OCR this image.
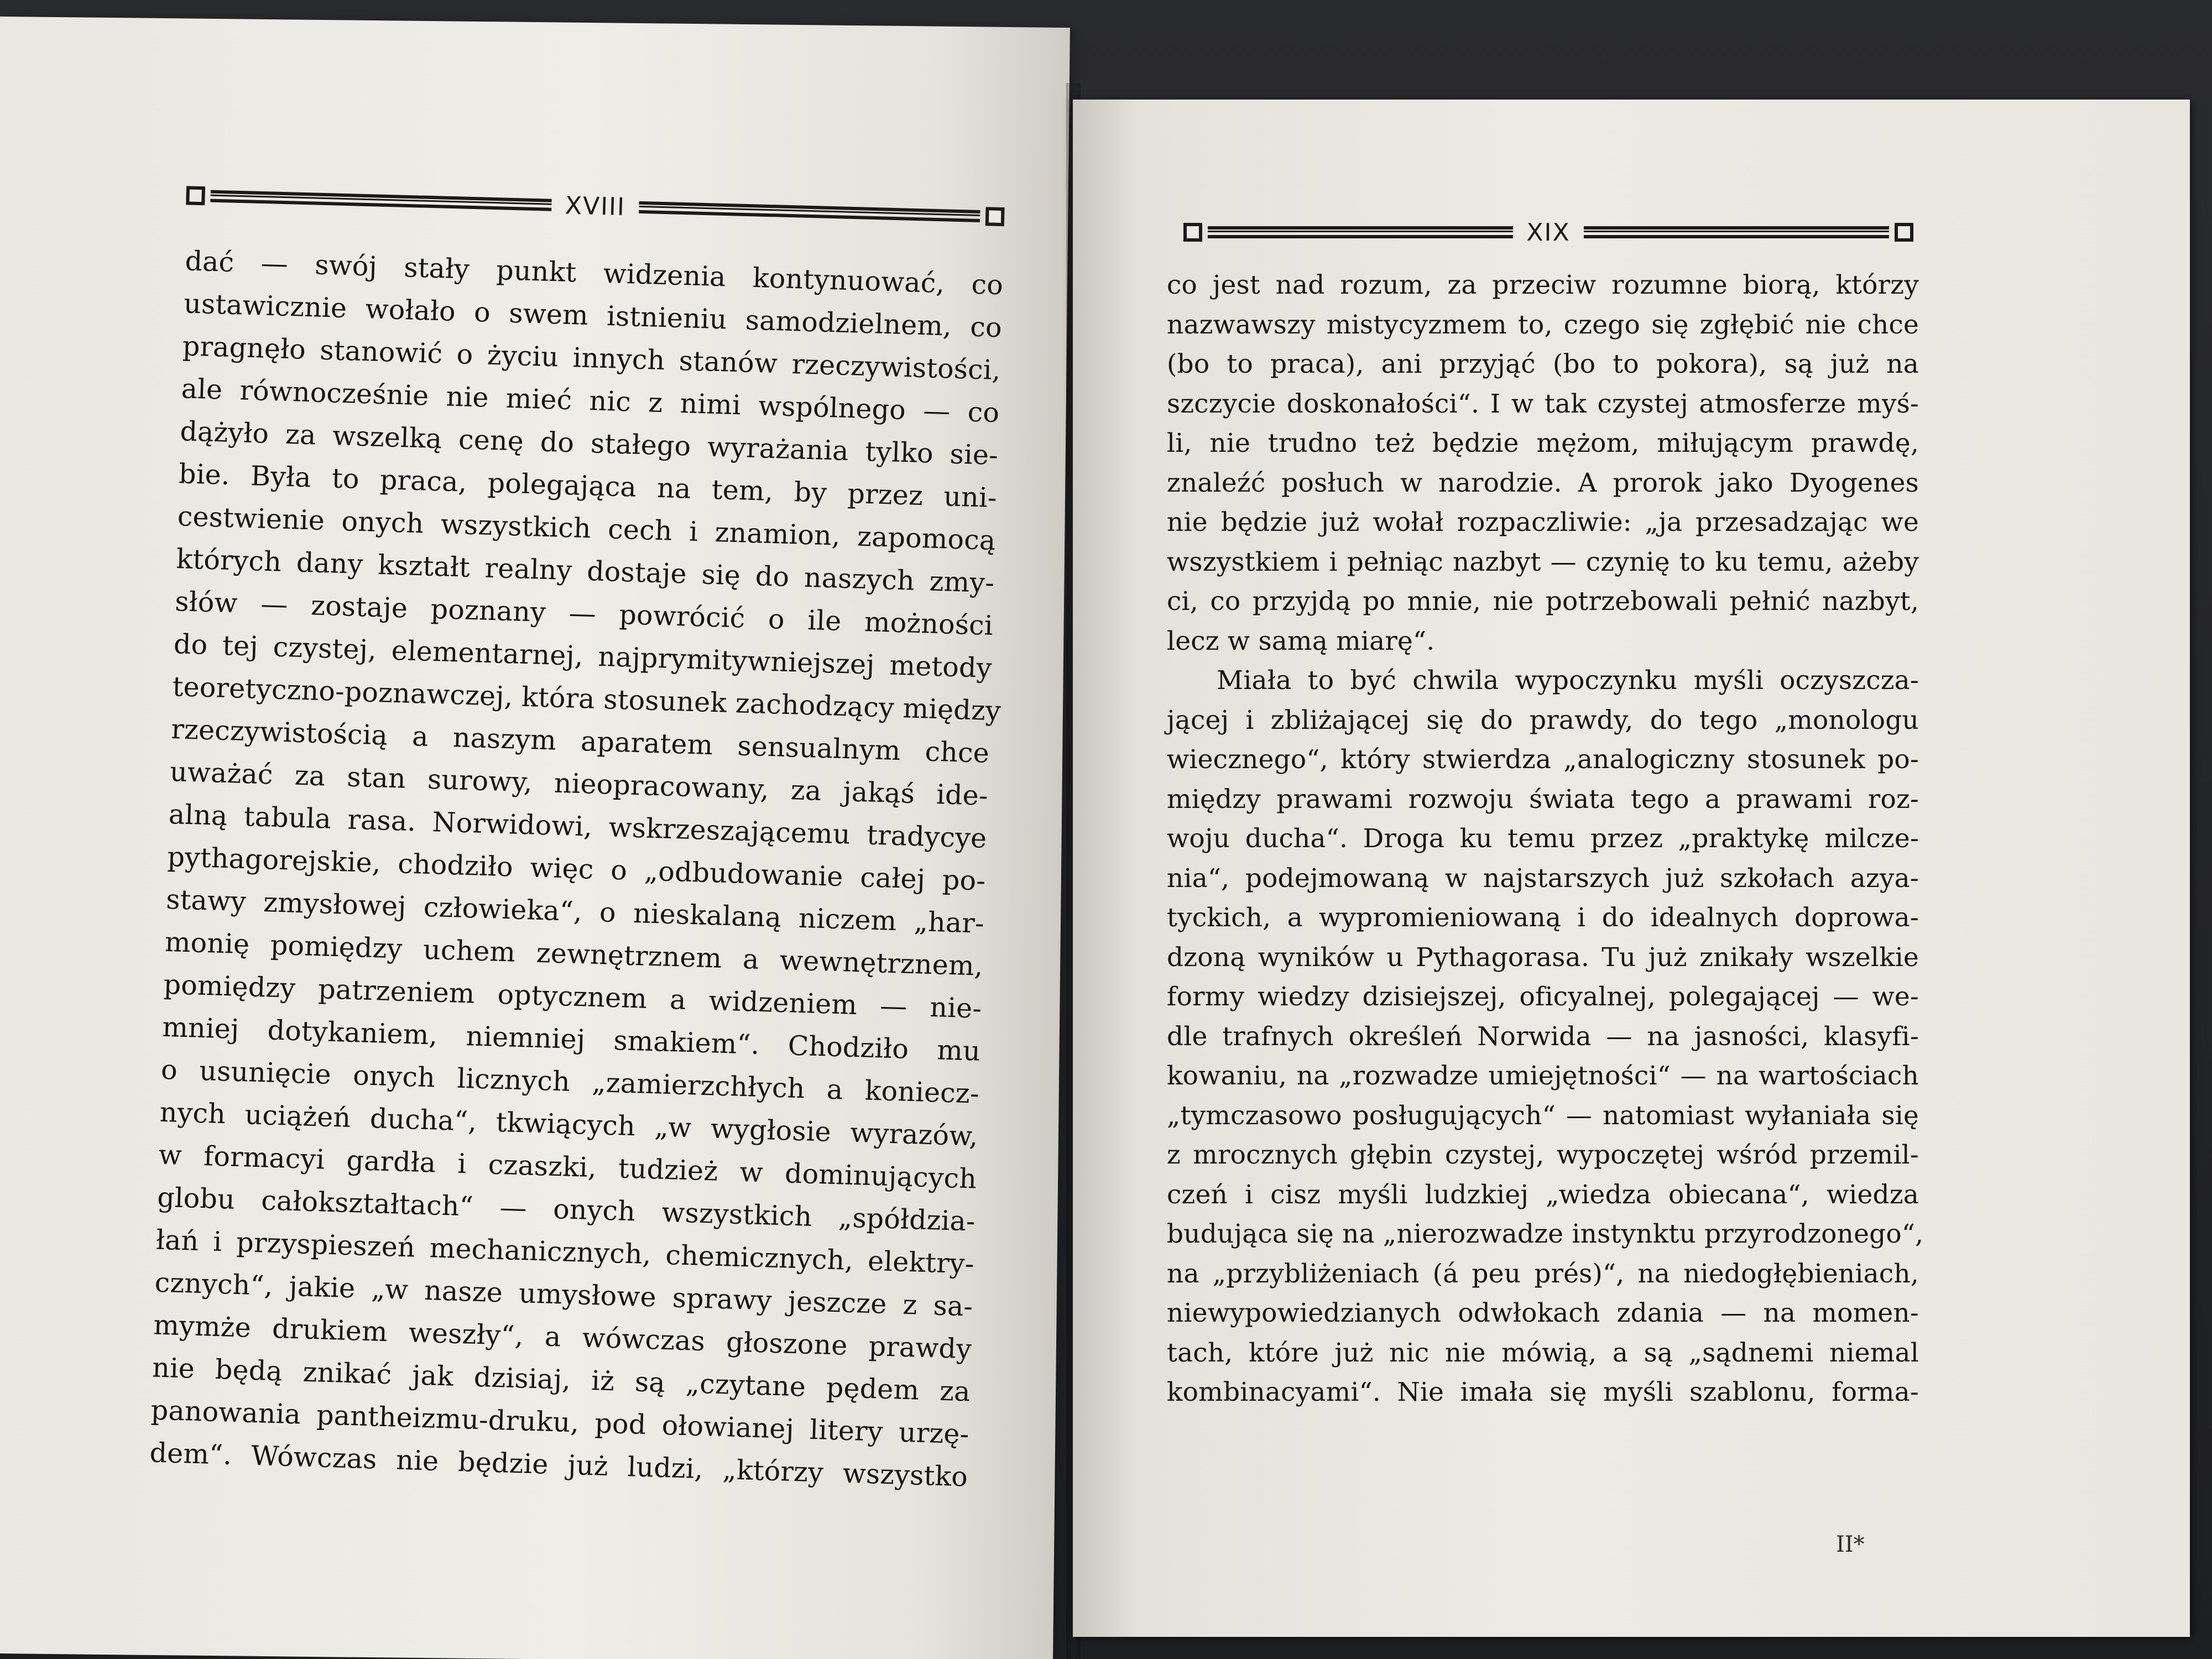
XVIII
dać — swój stały punkt widzenia kontynuować, co
ustawicznie wołało o swem istnieniu samodzielnem, co
pragnęło stanowić o życiu innych stanów rzeczywistości,
ale równocześnie nie mieć nic z nimi wspólnego — co
dążyło za wszelką cenę do stałego wyrażania tylko sie-
bie. Była to praca, polegająca na tem, by przez uni-
cestwienie onych wszystkich cech i znamion, zapomocą
których dany kształt realny dostaje się do naszych zmy-
słów — zostaje poznany — powrócić o ile możności
do tej czystej, elementarnej, najprymitywniejszej metody
teoretyczno-poznawczej, która stosunek zachodzący między
rzeczywistością a naszym aparatem sensualnym chce
uważać za stan surowy, nieopracowany, za jakąś ide-
alną tabula rasa. Norwidowi, wskrzeszającemu tradycye
pythagorejskie, chodziło więc o „odbudowanie całej po-
stawy zmysłowej człowieka“, o nieskalaną niczem „har-
monię pomiędzy uchem zewnętrznem a wewnętrznem,
pomiędzy patrzeniem optycznem a widzeniem — nie-
mniej dotykaniem, niemniej smakiem“. Chodziło mu
o usunięcie onych licznych „zamierzchłych a koniecz-
nych uciążeń ducha“, tkwiących „w wygłosie wyrazów,
w formacyi gardła i czaszki, tudzież w dominujących
globu całokształtach“ — onych wszystkich „spółdzia-
łań i przyspieszeń mechanicznych, chemicznych, elektry-
cznych“, jakie „w nasze umysłowe sprawy jeszcze z sa-
mymże drukiem weszły“, a wówczas głoszone prawdy
nie będą znikać jak dzisiaj, iż są „czytane pędem za
panowania pantheizmu-druku, pod ołowianej litery urzę-
dem“. Wówczas nie będzie już ludzi, „którzy wszystko
XIX
co jest nad rozum, za przeciw rozumne biorą, którzy
nazwawszy mistycyzmem to, czego się zgłębić nie chce
(bo to praca), ani przyjąć (bo to pokora), są już na
szczycie doskonałości“. I w tak czystej atmosferze myś-
li, nie trudno też będzie mężom, miłującym prawdę,
znaleźć posłuch w narodzie. A prorok jako Dyogenes
nie będzie już wołał rozpaczliwie: „ja przesadzając we
wszystkiem i pełniąc nazbyt — czynię to ku temu, ażeby
ci, co przyjdą po mnie, nie potrzebowali pełnić nazbyt,
lecz w samą miarę“.
Miała to być chwila wypoczynku myśli oczyszcza-
jącej i zbliżającej się do prawdy, do tego „monologu
wiecznego“, który stwierdza „analogiczny stosunek po-
między prawami rozwoju świata tego a prawami roz-
woju ducha“. Droga ku temu przez „praktykę milcze-
nia“, podejmowaną w najstarszych już szkołach azya-
tyckich, a wypromieniowaną i do idealnych doprowa-
dzoną wyników u Pythagorasa. Tu już znikały wszelkie
formy wiedzy dzisiejszej, oficyalnej, polegającej — we-
dle trafnych określeń Norwida — na jasności, klasyfi-
kowaniu, na „rozwadze umiejętności“ — na wartościach
„tymczasowo posługujących“ — natomiast wyłaniała się
z mrocznych głębin czystej, wypoczętej wśród przemil-
czeń i cisz myśli ludzkiej „wiedza obiecana“, wiedza
budująca się na „nierozwadze instynktu przyrodzonego“,
na „przybliżeniach (á peu prés)“, na niedogłębieniach,
niewypowiedzianych odwłokach zdania — na momen-
tach, które już nic nie mówią, a są „sądnemi niemal
kombinacyami“. Nie imała się myśli szablonu, forma-
II*
